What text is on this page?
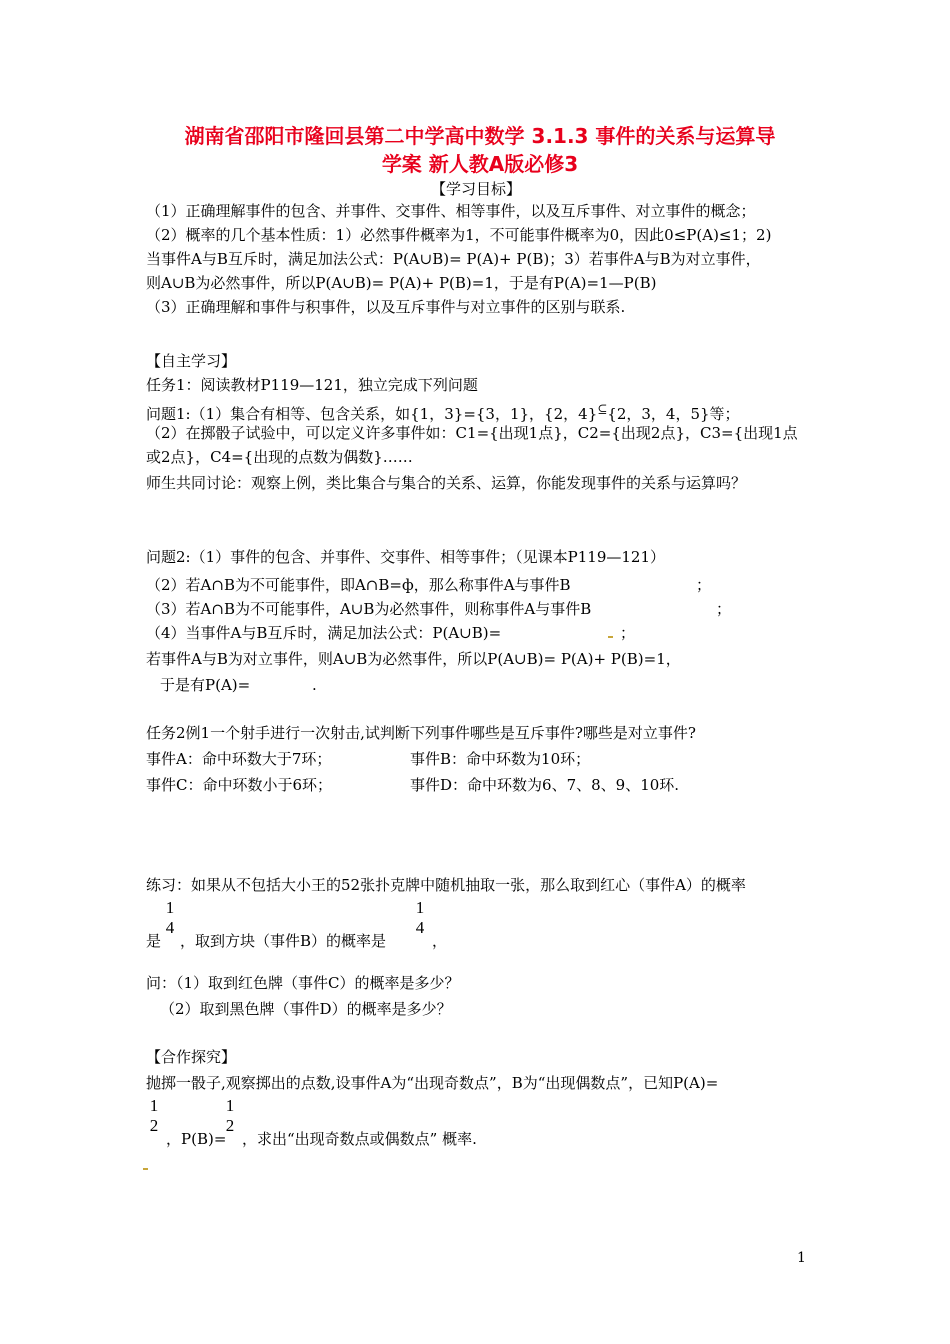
湖南省邵阳市隆回县第二中学高中数学 3.1.3 事件的关系与运算导
学案 新人教A版必修3
【学习目标】
（1）正确理解事件的包含、并事件、交事件、相等事件，以及互斥事件、对立事件的概念；
（2）概率的几个基本性质：1）必然事件概率为1，不可能事件概率为0，因此0≤P(A)≤1；2)
当事件A与B互斥时，满足加法公式：P(A∪B)= P(A)+ P(B)；3）若事件A与B为对立事件，
则A∪B为必然事件，所以P(A∪B)= P(A)+ P(B)=1，于是有P(A)=1—P(B)
（3）正确理解和事件与积事件，以及互斥事件与对立事件的区别与联系.
【自主学习】
任务1：阅读教材P119—121，独立完成下列问题
问题1:（1）集合有相等、包含关系，如{1，3}={3，1}，{2，4}⊆{2，3，4，5}等；
（2）在掷骰子试验中，可以定义许多事件如：C1={出现1点}，C2={出现2点}，C3={出现1点
或2点}，C4={出现的点数为偶数}……
师生共同讨论：观察上例，类比集合与集合的关系、运算，你能发现事件的关系与运算吗？
问题2:（1）事件的包含、并事件、交事件、相等事件；（见课本P119—121）
（2）若A∩B为不可能事件，即A∩B=ф，那么称事件A与事件B	；
（3）若A∩B为不可能事件，A∪B为必然事件，则称事件A与事件B	；
（4）当事件A与B互斥时，满足加法公式：P(A∪B)=	；
若事件A与B为对立事件，则A∪B为必然事件，所以P(A∪B)= P(A)+ P(B)=1，
于是有P(A)=	.
任务2例1一个射手进行一次射击,试判断下列事件哪些是互斥事件?哪些是对立事件?
事件A：命中环数大于7环；	事件B：命中环数为10环；
事件C：命中环数小于6环；	事件D：命中环数为6、7、8、9、10环.
练习：如果从不包括大小王的52张扑克牌中随机抽取一张，那么取到红心（事件A）的概率
1
4
是 ，取到方块（事件B）的概率是
1
4
，
问：（1）取到红色牌（事件C）的概率是多少？
（2）取到黑色牌（事件D）的概率是多少？
【合作探究】
抛掷一骰子,观察掷出的点数,设事件A为“出现奇数点”，B为“出现偶数点”，已知P(A)=
1
2
，P(B)=
1
2
，求出“出现奇数点或偶数点” 概率.
1
